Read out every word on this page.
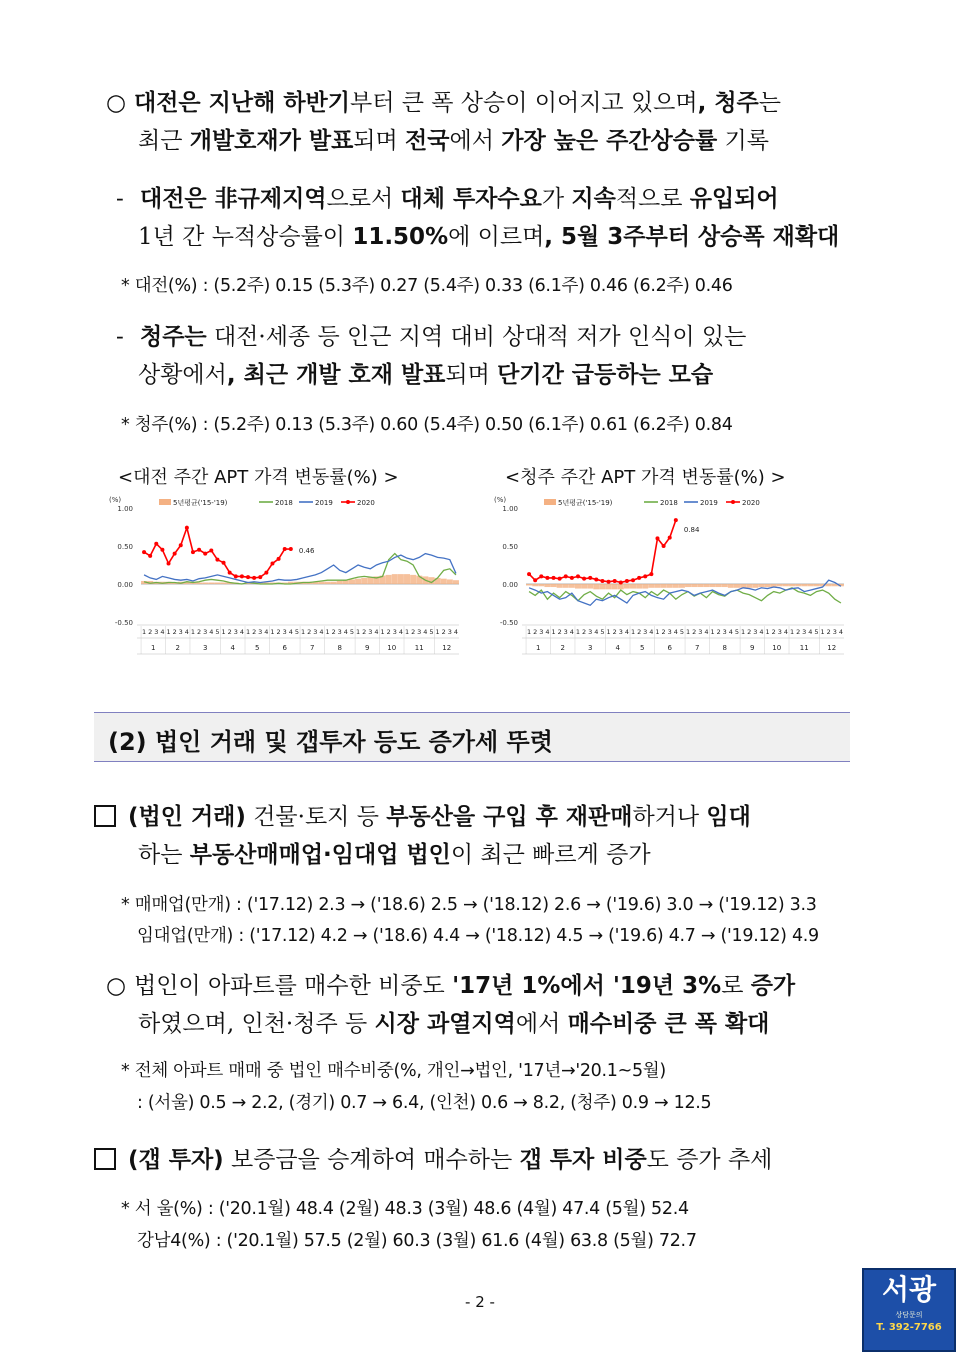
○ 대전은 지난해 하반기부터 큰 폭 상승이 이어지고 있으며, 청주는
최근 개발호재가 발표되며 전국에서 가장 높은 주간상승률 기록
- 대전은 非규제지역으로서 대체 투자수요가 지속적으로 유입되어
1년 간 누적상승률이 11.50%에 이르며, 5월 3주부터 상승폭 재확대
* 대전(%) : (5.2주) 0.15 (5.3주) 0.27 (5.4주) 0.33 (6.1주) 0.46 (6.2주) 0.46
- 청주는 대전·세종 등 인근 지역 대비 상대적 저가 인식이 있는
상황에서, 최근 개발 호재 발표되며 단기간 급등하는 모습
* 청주(%) : (5.2주) 0.13 (5.3주) 0.60 (5.4주) 0.50 (6.1주) 0.61 (6.2주) 0.84
<대전 주간 APT 가격 변동률(%) >	<청주 주간 APT 가격 변동률(%) >
1.00
0.50
0.00
-0.50
(%)	5년평균('15-'19)	2018	2019	2020
0.46
1 2 3 4 1 2 3 4 1 2 3 4 5 1 2 3 4 1 2 3 4 1 2 3 4 5 1 2 3 4 1 2 3 4 5 1 2 3 4 1 2 3 4 1 2 3 4 5 1 2 3 4
1	2	3	4	5	6	7	8	9	10	11	12
1.00
0.50
0.00
-0.50
(%)	5년평균('15-'19)	2018	2019	2020
0.84
1 2 3 4 1 2 3 4 1 2 3 4 5 1 2 3 4 1 2 3 4 1 2 3 4 5 1 2 3 4 1 2 3 4 5 1 2 3 4 1 2 3 4 1 2 3 4 5 1 2 3 4
1	2	3	4	5	6	7	8	9	10	11	12
(2) 법인 거래 및 갭투자 등도 증가세 뚜렷
(법인 거래) 건물·토지 등 부동산을 구입 후 재판매하거나 임대
하는 부동산매매업·임대업 법인이 최근 빠르게 증가
* 매매업(만개) : ('17.12) 2.3 → ('18.6) 2.5 → ('18.12) 2.6 → ('19.6) 3.0 → ('19.12) 3.3
임대업(만개) : ('17.12) 4.2 → ('18.6) 4.4 → ('18.12) 4.5 → ('19.6) 4.7 → ('19.12) 4.9
○ 법인이 아파트를 매수한 비중도 '17년 1%에서 '19년 3%로 증가
하였으며, 인천·청주 등 시장 과열지역에서 매수비중 큰 폭 확대
* 전체 아파트 매매 중 법인 매수비중(%, 개인→법인, '17년→'20.1~5월)
: (서울) 0.5 → 2.2, (경기) 0.7 → 6.4, (인천) 0.6 → 8.2, (청주) 0.9 → 12.5
(갭 투자) 보증금을 승계하여 매수하는 갭 투자 비중도 증가 추세
* 서 울(%) : ('20.1월) 48.4 (2월) 48.3 (3월) 48.6 (4월) 47.4 (5월) 52.4
강남4(%) : ('20.1월) 57.5 (2월) 60.3 (3월) 61.6 (4월) 63.8 (5월) 72.7
- 2 -	서광
상담문의
T. 392-7766
